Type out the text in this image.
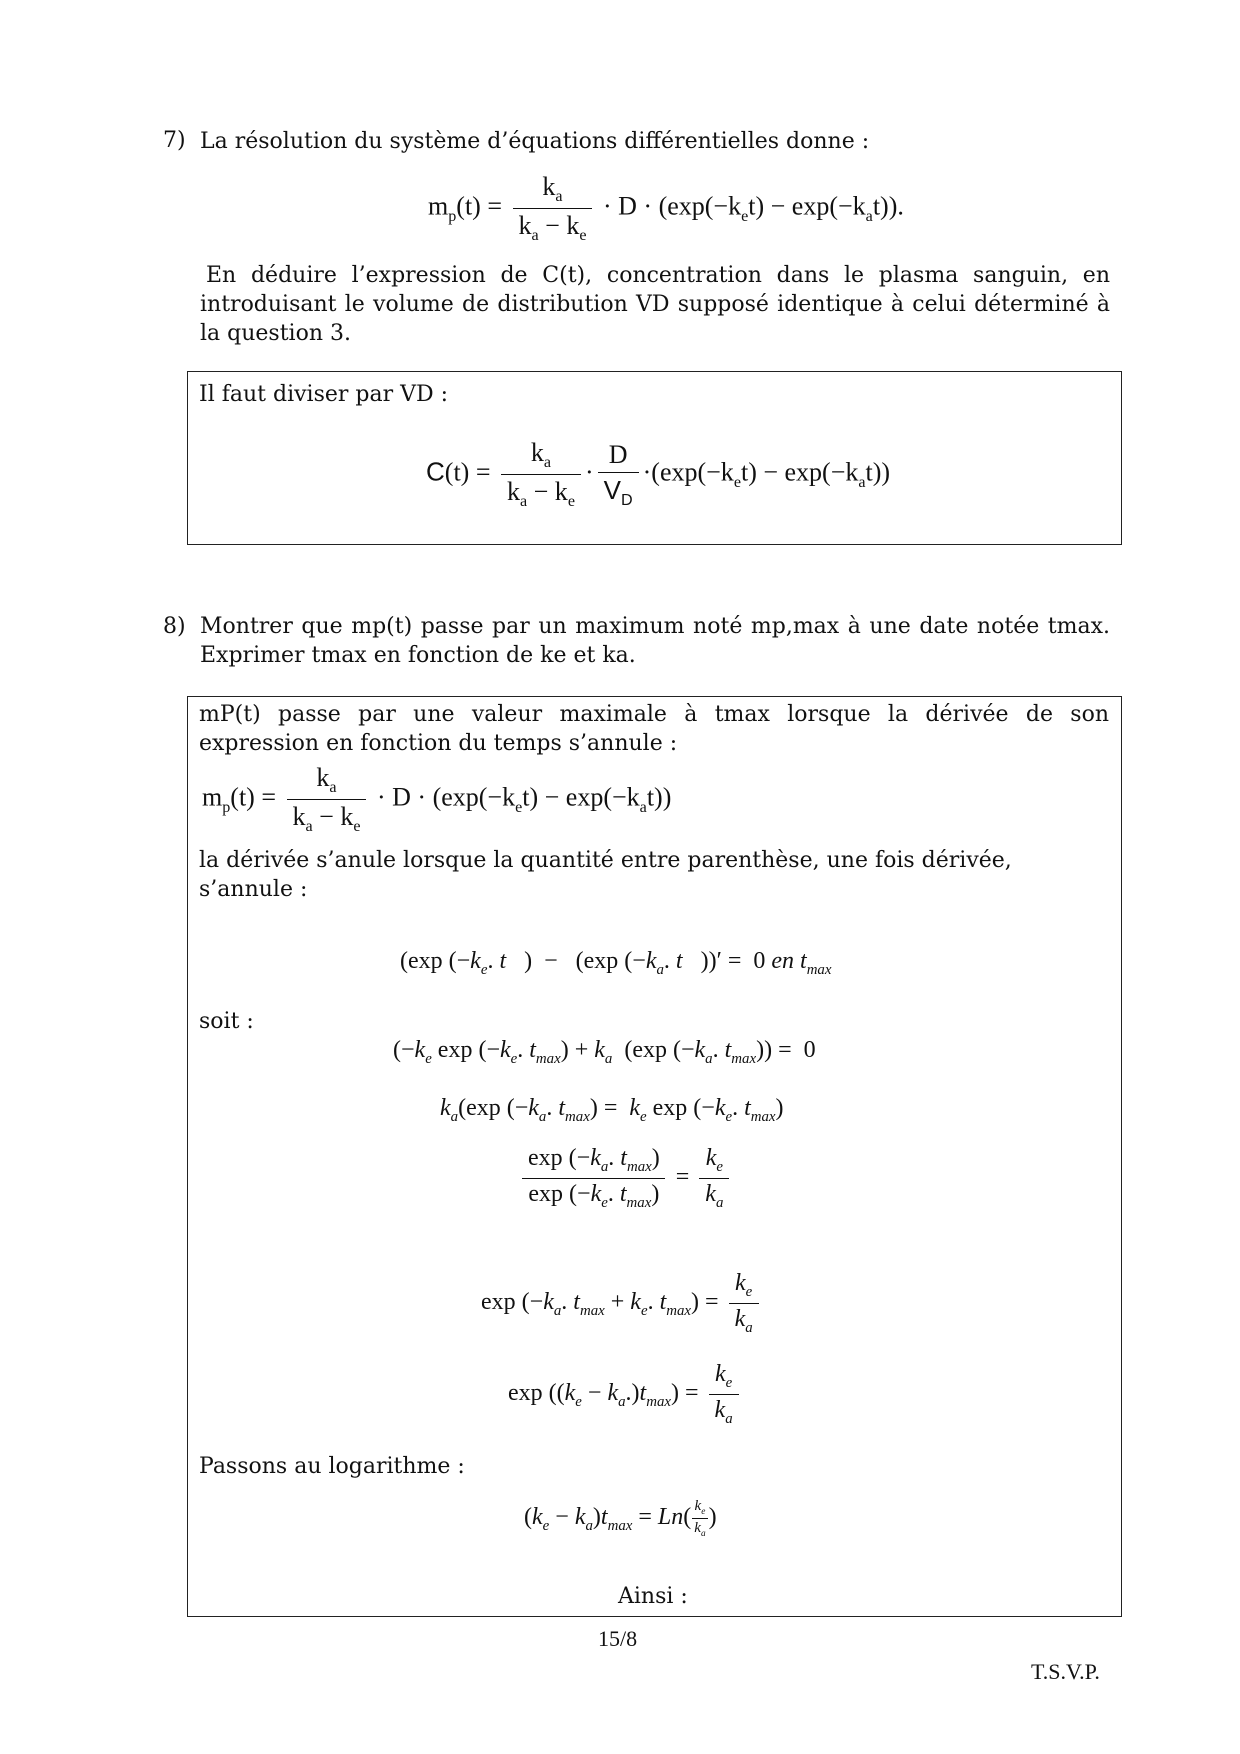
7) La résolution du système d’équations différentielles donne :
$m_p(t) = \frac{k_a}{k_a - k_e} \cdot D \cdot (\exp(-k_et) - \exp(-k_at))$.
En déduire l’expression de C(t), concentration dans le plasma sanguin, en introduisant le volume de distribution VD supposé identique à celui déterminé à la question 3.
Il faut diviser par VD :
$C(t) = \frac{k_a}{k_a - k_e} \cdot \frac{D}{V_D} \cdot(\exp(-k_et) - \exp(-k_at))$
8) Montrer que mp(t) passe par un maximum noté mp,max à une date notée tmax. Exprimer tmax en fonction de ke et ka.
mP(t) passe par une valeur maximale à tmax lorsque la dérivée de son expression en fonction du temps s’annule :
$m_p(t) = \frac{k_a}{k_a - k_e} \cdot D \cdot (\exp(-k_et) - \exp(-k_at))$
la dérivée s’anule lorsque la quantité entre parenthèse, une fois dérivée, s’annule :
(exp ($-k_e$. t   )  −   (exp ($-k_a$. t   ))′ =  0 en $t_{max}$
soit :
($-k_e$ $\exp (-k_e$. $t_{max}) + k_a$  (exp ($-k_a$. $t_{max})) = 0$
$k_a(\exp$ ($-k_a$. $t_{max}) = k_e$ $\exp (-k_e$. $t_{max}$)
$\frac{\exp (-k_a. t_{max})}{\exp (-k_e. t_{max})} = \frac{k_e}{k_a}$
$\exp (-k_a$. $t_{max} + k_e$. $t_{max}) = \frac{k_e}{k_a}$
$\exp ((k_e - k_a.)t_{max}) = \frac{k_e}{k_a}$
Passons au logarithme :
$(k_e - k_a)t_{max} = Ln( \frac{k_e}{k_a}$ )
Ainsi :
15/8
T.S.V.P.
